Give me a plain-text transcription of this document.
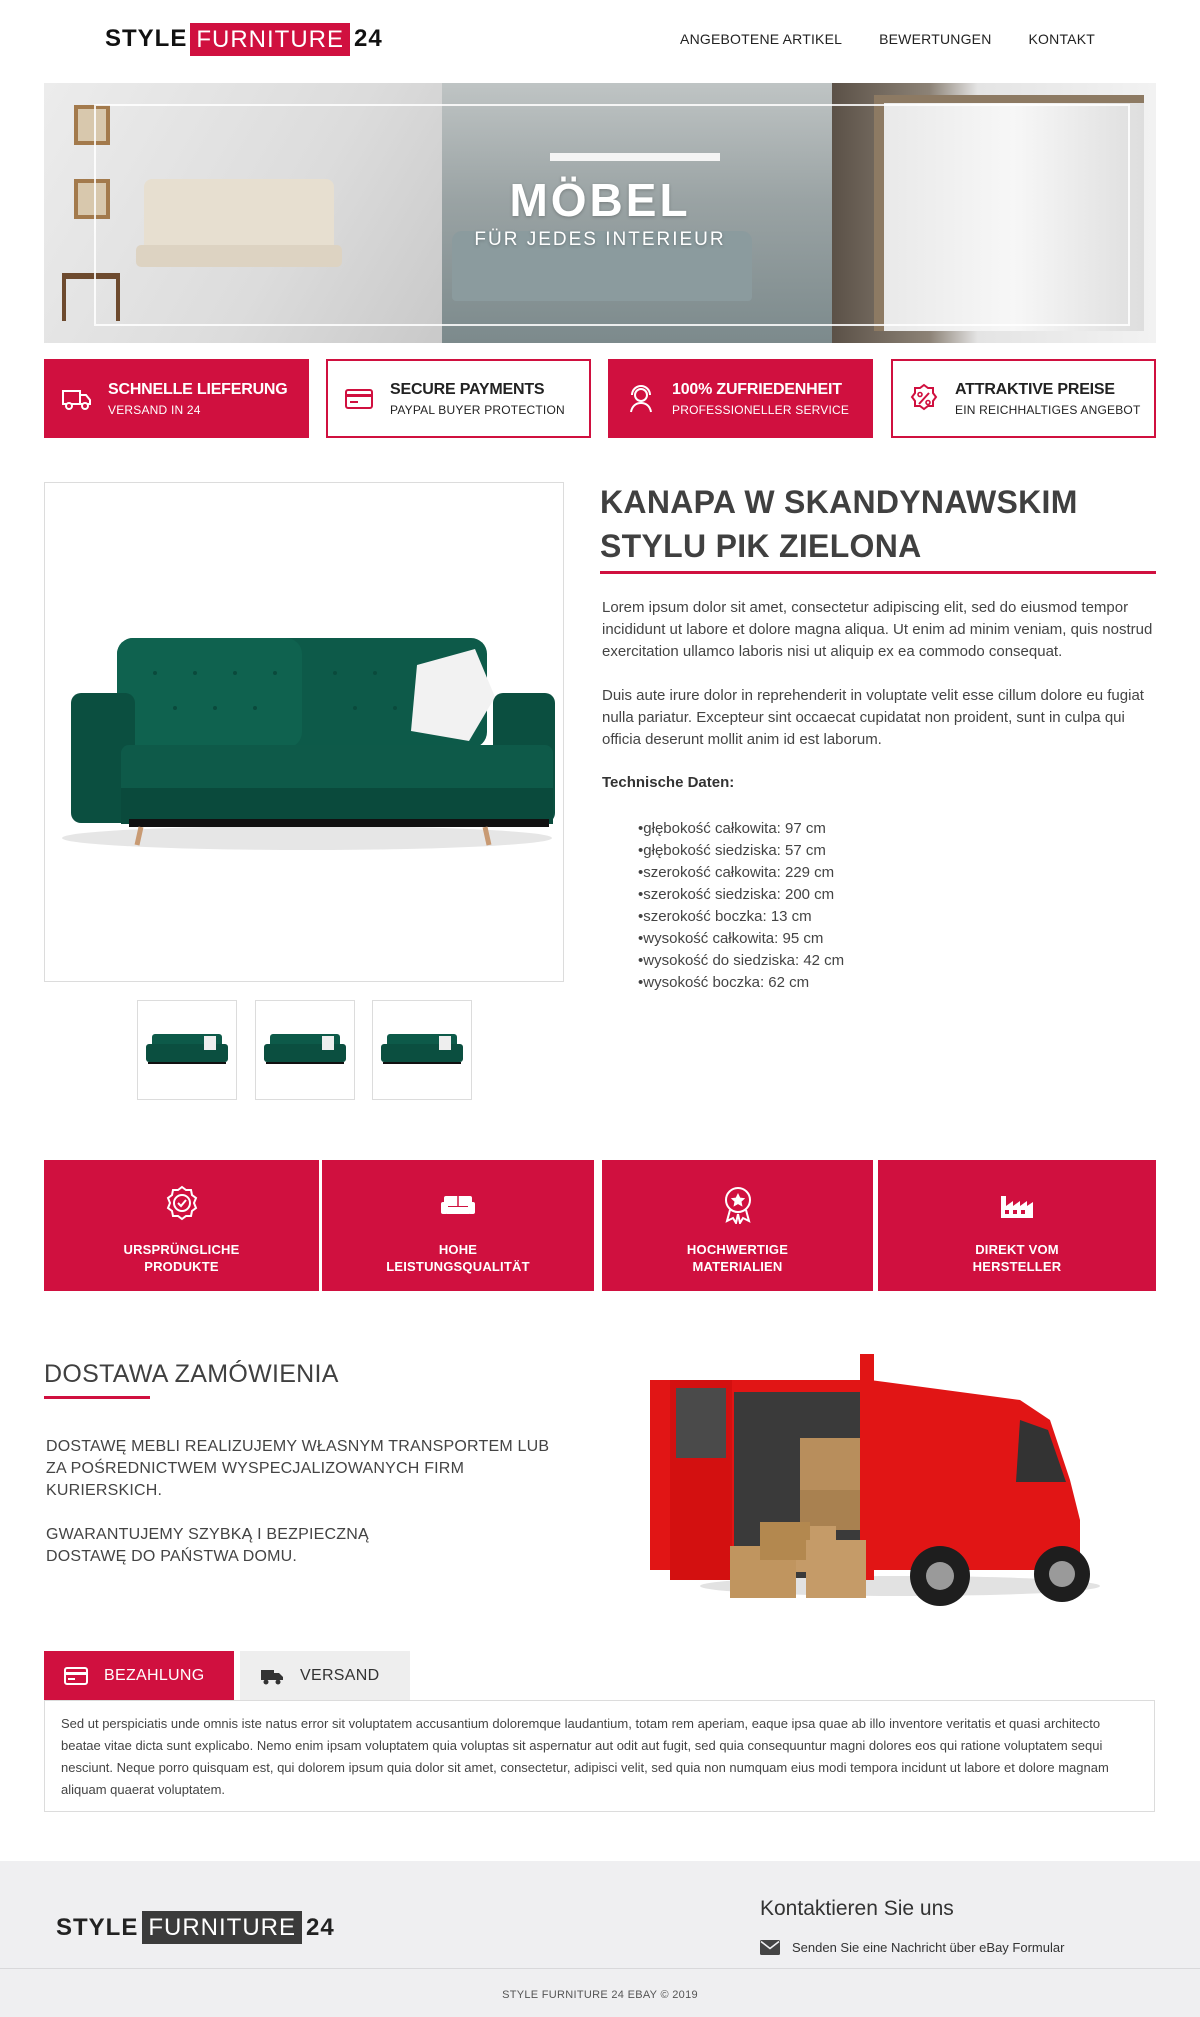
STYLE FURNITURE 24	ANGEBOTENE ARTIKEL	BEWERTUNGEN	KONTAKT
MÖBEL
FÜR JEDES INTERIEUR
SCHNELLE LIEFERUNG
VERSAND IN 24
SECURE PAYMENTS
PAYPAL BUYER PROTECTION
100% ZUFRIEDENHEIT
PROFESSIONELLER SERVICE
ATTRAKTIVE PREISE
EIN REICHHALTIGES ANGEBOT
KANAPA W SKANDYNAWSKIM
STYLU PIK ZIELONA

Lorem ipsum dolor sit amet, consectetur adipiscing elit, sed do eiusmod tempor incididunt ut labore et dolore magna aliqua. Ut enim ad minim veniam, quis nostrud exercitation ullamco laboris nisi ut aliquip ex ea commodo consequat.

Duis aute irure dolor in reprehenderit in voluptate velit esse cillum dolore eu fugiat nulla pariatur. Excepteur sint occaecat cupidatat non proident, sunt in culpa qui officia deserunt mollit anim id est laborum.

Technische Daten:
• głębokość całkowita: 97 cm
• głębokość siedziska: 57 cm
• szerokość całkowita: 229 cm
• szerokość siedziska: 200 cm
• szerokość boczka: 13 cm
• wysokość całkowita: 95 cm
• wysokość do siedziska: 42 cm
• wysokość boczka: 62 cm
URSPRÜNGLICHE
PRODUKTE
HOHE
LEISTUNGSQUALITÄT
HOCHWERTIGE
MATERIALIEN
DIREKT VOM
HERSTELLER
DOSTAWA ZAMÓWIENIA

DOSTAWĘ MEBLI REALIZUJEMY WŁASNYM TRANSPORTEM LUB ZA POŚREDNICTWEM WYSPECJALIZOWANYCH FIRM KURIERSKICH.

GWARANTUJEMY SZYBKĄ I BEZPIECZNĄ DOSTAWĘ DO PAŃSTWA DOMU.

BEZAHLUNG	VERSAND
Sed ut perspiciatis unde omnis iste natus error sit voluptatem accusantium doloremque laudantium, totam rem aperiam, eaque ipsa quae ab illo inventore veritatis et quasi architecto beatae vitae dicta sunt explicabo. Nemo enim ipsam voluptatem quia voluptas sit aspernatur aut odit aut fugit, sed quia consequuntur magni dolores eos qui ratione voluptatem sequi nesciunt. Neque porro quisquam est, qui dolorem ipsum quia dolor sit amet, consectetur, adipisci velit, sed quia non numquam eius modi tempora incidunt ut labore et dolore magnam aliquam quaerat voluptatem.
STYLE FURNITURE 24
Kontaktieren Sie uns
Senden Sie eine Nachricht über eBay Formular
STYLE FURNITURE 24 EBAY © 2019
